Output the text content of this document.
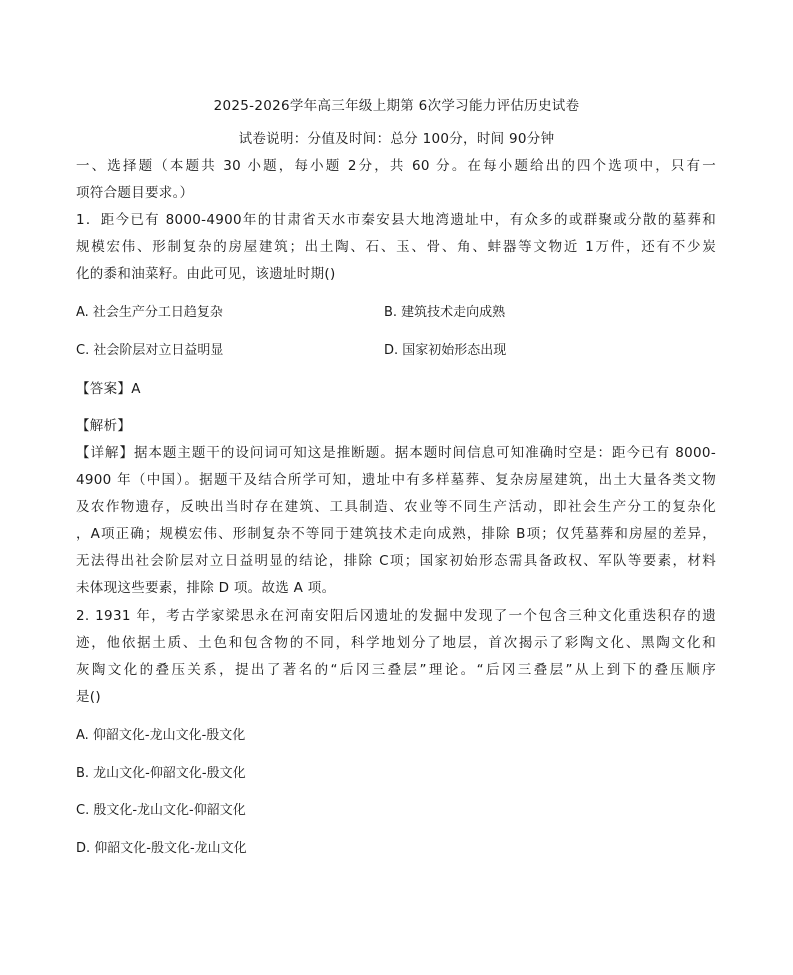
2025-2026学年高三年级上期第 6次学习能力评估历史试卷
试卷说明：分值及时间：总分 100分，时间 90分钟
一、选择题（本题共 30 小题，每小题 2分，共 60 分。在每小题给出的四个选项中，只有一
项符合题目要求。）
1．距今已有 8000-4900年的甘肃省天水市秦安县大地湾遗址中，有众多的或群聚或分散的墓葬和
规模宏伟、形制复杂的房屋建筑；出土陶、石、玉、骨、角、蚌器等文物近 1万件，还有不少炭
化的黍和油菜籽。由此可见，该遗址时期()
A. 社会生产分工日趋复杂	B. 建筑技术走向成熟
C. 社会阶层对立日益明显	D. 国家初始形态出现
【答案】A
【解析】
【详解】据本题主题干的设问词可知这是推断题。据本题时间信息可知准确时空是：距今已有 8000-
4900 年（中国）。据题干及结合所学可知，遗址中有多样墓葬、复杂房屋建筑，出土大量各类文物
及农作物遗存，反映出当时存在建筑、工具制造、农业等不同生产活动，即社会生产分工的复杂化
，A项正确；规模宏伟、形制复杂不等同于建筑技术走向成熟，排除 B项；仅凭墓葬和房屋的差异，
无法得出社会阶层对立日益明显的结论，排除 C项；国家初始形态需具备政权、军队等要素，材料
未体现这些要素，排除 D 项。故选 A 项。
2. 1931 年，考古学家梁思永在河南安阳后冈遗址的发掘中发现了一个包含三种文化重迭积存的遗
迹，他依据土质、土色和包含物的不同，科学地划分了地层，首次揭示了彩陶文化、黑陶文化和
灰陶文化的叠压关系，提出了著名的“后冈三叠层”理论。“后冈三叠层”从上到下的叠压顺序
是()
A. 仰韶文化-龙山文化-殷文化
B. 龙山文化-仰韶文化-殷文化
C. 殷文化-龙山文化-仰韶文化
D. 仰韶文化-殷文化-龙山文化
